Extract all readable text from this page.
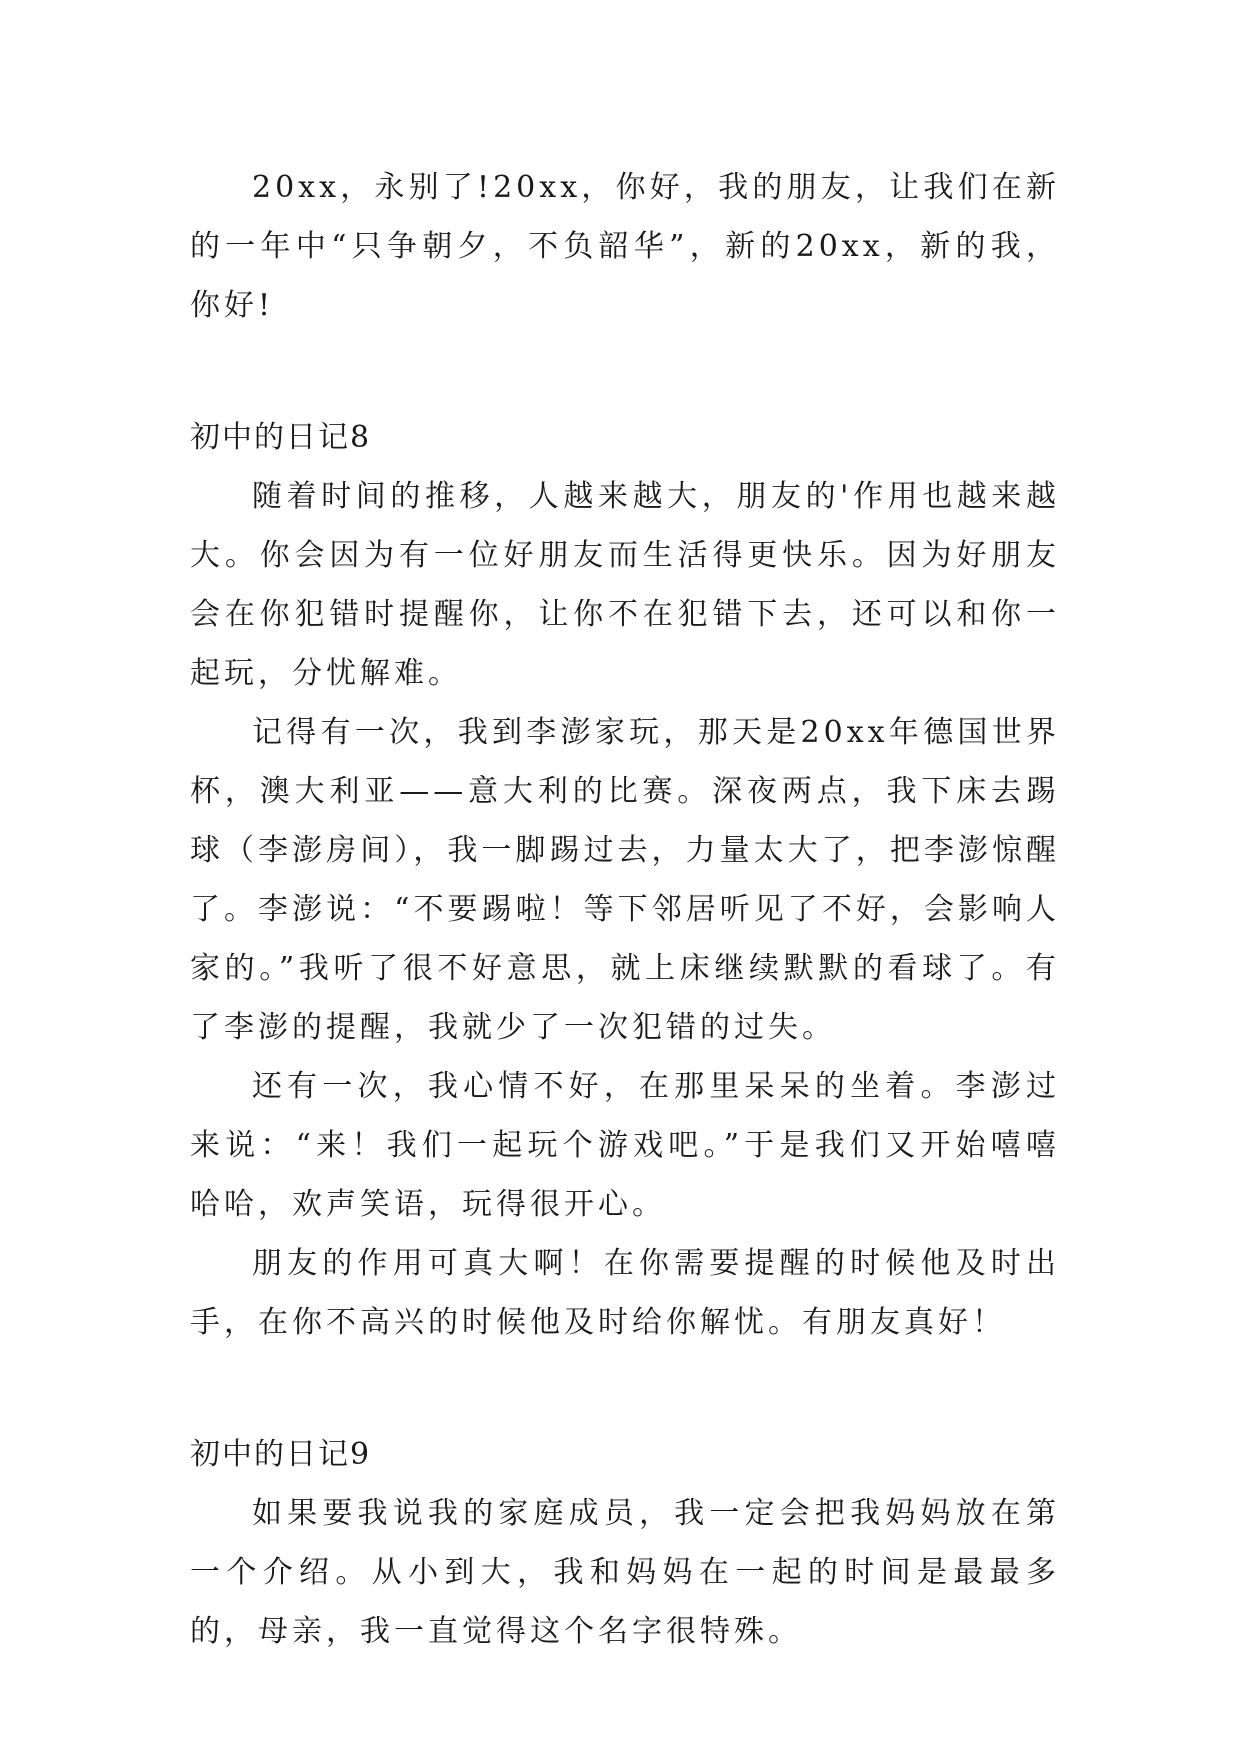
20xx，永别了!20xx，你好，我的朋友，让我们在新的一年中“只争朝夕，不负韶华”，新的20xx，新的我，你好!

初中的日记8

随着时间的推移，人越来越大，朋友的'作用也越来越大。你会因为有一位好朋友而生活得更快乐。因为好朋友会在你犯错时提醒你，让你不在犯错下去，还可以和你一起玩，分忧解难。

记得有一次，我到李澎家玩，那天是20xx年德国世界杯，澳大利亚——意大利的比赛。深夜两点，我下床去踢球（李澎房间），我一脚踢过去，力量太大了，把李澎惊醒了。李澎说：“不要踢啦！等下邻居听见了不好，会影响人家的。”我听了很不好意思，就上床继续默默的看球了。有了李澎的提醒，我就少了一次犯错的过失。

还有一次，我心情不好，在那里呆呆的坐着。李澎过来说：“来！我们一起玩个游戏吧。”于是我们又开始嘻嘻哈哈，欢声笑语，玩得很开心。

朋友的作用可真大啊！在你需要提醒的时候他及时出手，在你不高兴的时候他及时给你解忧。有朋友真好！

初中的日记9

如果要我说我的家庭成员，我一定会把我妈妈放在第一个介绍。从小到大，我和妈妈在一起的时间是最最多的，母亲，我一直觉得这个名字很特殊。
